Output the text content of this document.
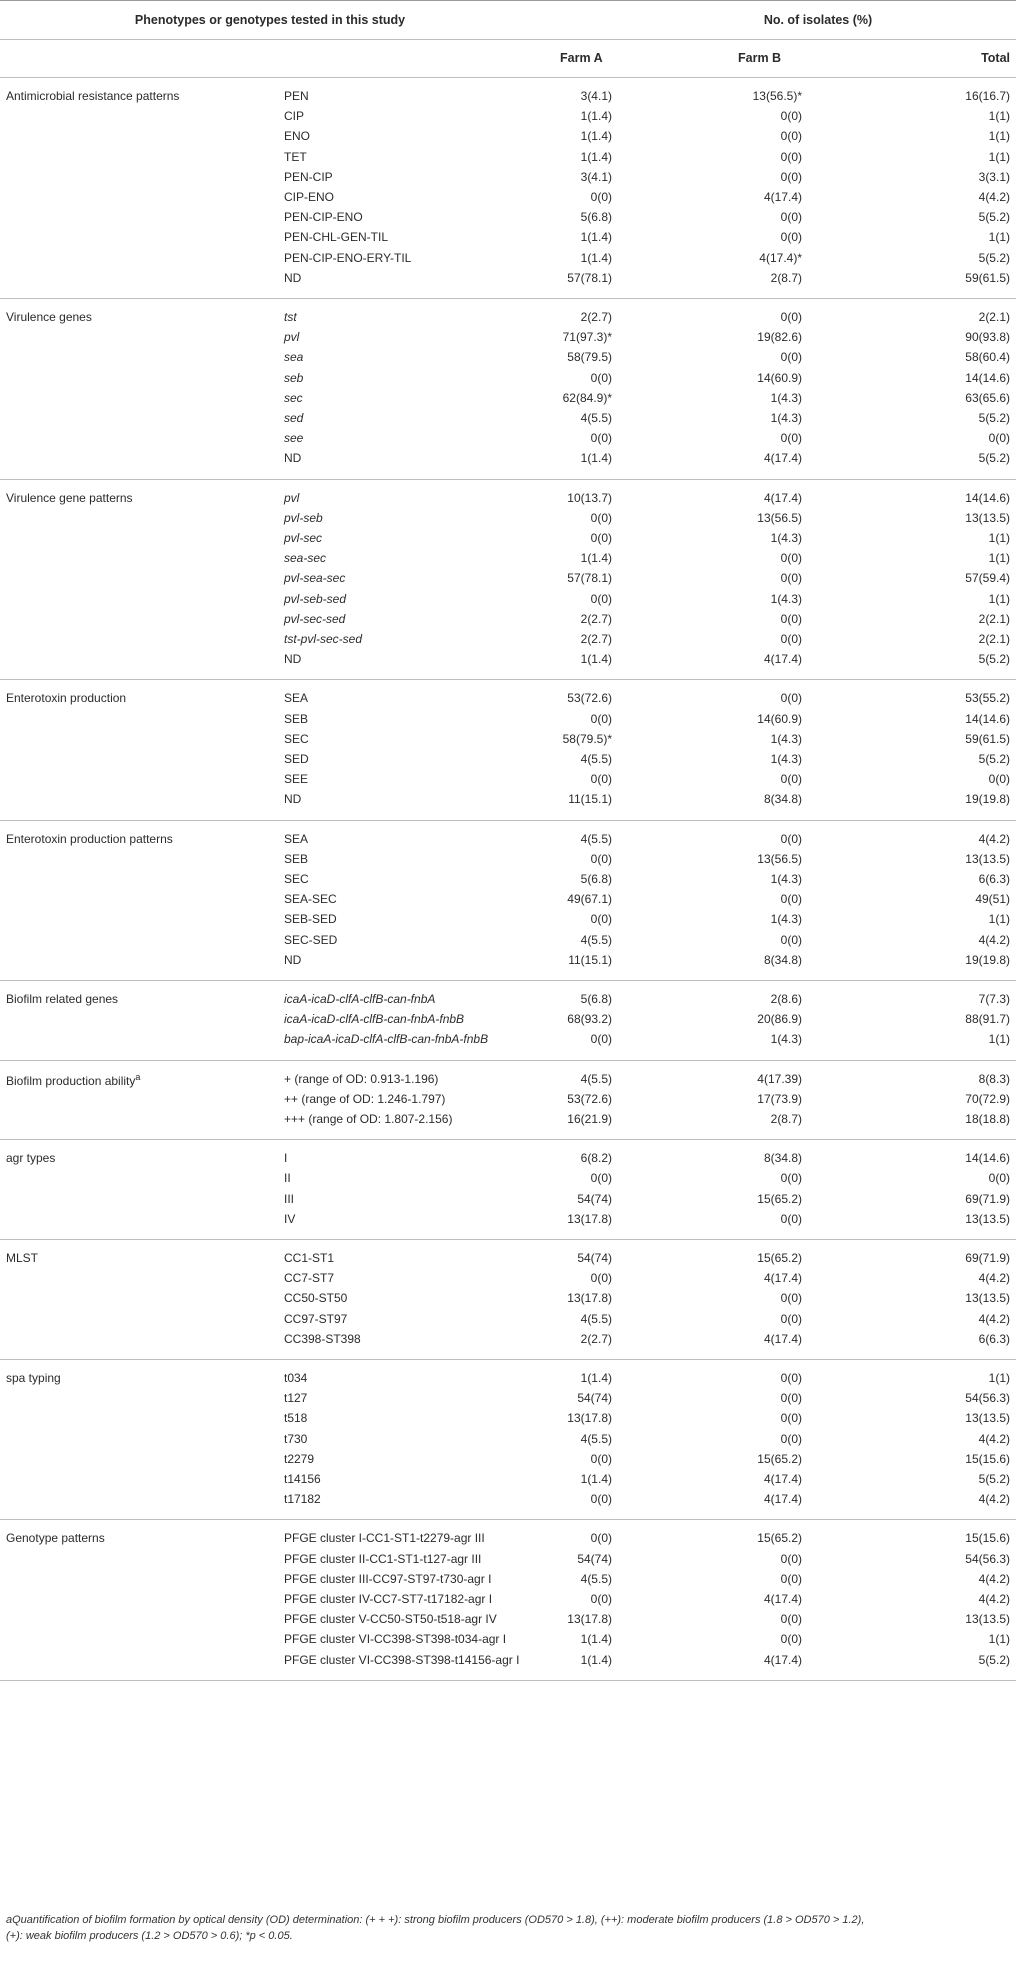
Phenotypes or genotypes tested in this study	No. of isolates (%)
Farm A	Farm B	Total
Antimicrobial resistance patterns	PEN	3(4.1)	13(56.5)*	16(16.7)
CIP	1(1.4)	0(0)	1(1)
ENO	1(1.4)	0(0)	1(1)
TET	1(1.4)	0(0)	1(1)
PEN-CIP	3(4.1)	0(0)	3(3.1)
CIP-ENO	0(0)	4(17.4)	4(4.2)
PEN-CIP-ENO	5(6.8)	0(0)	5(5.2)
PEN-CHL-GEN-TIL	1(1.4)	0(0)	1(1)
PEN-CIP-ENO-ERY-TIL	1(1.4)	4(17.4)*	5(5.2)
ND	57(78.1)	2(8.7)	59(61.5)
Virulence genes	tst	2(2.7)	0(0)	2(2.1)
pvl	71(97.3)*	19(82.6)	90(93.8)
sea	58(79.5)	0(0)	58(60.4)
seb	0(0)	14(60.9)	14(14.6)
sec	62(84.9)*	1(4.3)	63(65.6)
sed	4(5.5)	1(4.3)	5(5.2)
see	0(0)	0(0)	0(0)
ND	1(1.4)	4(17.4)	5(5.2)
Virulence gene patterns	pvl	10(13.7)	4(17.4)	14(14.6)
pvl-seb	0(0)	13(56.5)	13(13.5)
pvl-sec	0(0)	1(4.3)	1(1)
sea-sec	1(1.4)	0(0)	1(1)
pvl-sea-sec	57(78.1)	0(0)	57(59.4)
pvl-seb-sed	0(0)	1(4.3)	1(1)
pvl-sec-sed	2(2.7)	0(0)	2(2.1)
tst-pvl-sec-sed	2(2.7)	0(0)	2(2.1)
ND	1(1.4)	4(17.4)	5(5.2)
Enterotoxin production	SEA	53(72.6)	0(0)	53(55.2)
SEB	0(0)	14(60.9)	14(14.6)
SEC	58(79.5)*	1(4.3)	59(61.5)
SED	4(5.5)	1(4.3)	5(5.2)
SEE	0(0)	0(0)	0(0)
ND	11(15.1)	8(34.8)	19(19.8)
Enterotoxin production patterns	SEA	4(5.5)	0(0)	4(4.2)
SEB	0(0)	13(56.5)	13(13.5)
SEC	5(6.8)	1(4.3)	6(6.3)
SEA-SEC	49(67.1)	0(0)	49(51)
SEB-SED	0(0)	1(4.3)	1(1)
SEC-SED	4(5.5)	0(0)	4(4.2)
ND	11(15.1)	8(34.8)	19(19.8)
Biofilm related genes	icaA-icaD-clfA-clfB-can-fnbA	5(6.8)	2(8.6)	7(7.3)
icaA-icaD-clfA-clfB-can-fnbA-fnbB	68(93.2)	20(86.9)	88(91.7)
bap-icaA-icaD-clfA-clfB-can-fnbA-fnbB	0(0)	1(4.3)	1(1)
Biofilm production ability$^a$	+ (range of OD: 0.913-1.196)	4(5.5)	4(17.39)	8(8.3)
++ (range of OD: 1.246-1.797)	53(72.6)	17(73.9)	70(72.9)
+++ (range of OD: 1.807-2.156)	16(21.9)	2(8.7)	18(18.8)
agr types	I	6(8.2)	8(34.8)	14(14.6)
II	0(0)	0(0)	0(0)
III	54(74)	15(65.2)	69(71.9)
IV	13(17.8)	0(0)	13(13.5)
MLST	CC1-ST1	54(74)	15(65.2)	69(71.9)
CC7-ST7	0(0)	4(17.4)	4(4.2)
CC50-ST50	13(17.8)	0(0)	13(13.5)
CC97-ST97	4(5.5)	0(0)	4(4.2)
CC398-ST398	2(2.7)	4(17.4)	6(6.3)
spa typing	t034	1(1.4)	0(0)	1(1)
t127	54(74)	0(0)	54(56.3)
t518	13(17.8)	0(0)	13(13.5)
t730	4(5.5)	0(0)	4(4.2)
t2279	0(0)	15(65.2)	15(15.6)
t14156	1(1.4)	4(17.4)	5(5.2)
t17182	0(0)	4(17.4)	4(4.2)
Genotype patterns	PFGE cluster I-CC1-ST1-t2279-agr III	0(0)	15(65.2)	15(15.6)
PFGE cluster II-CC1-ST1-t127-agr III	54(74)	0(0)	54(56.3)
PFGE cluster III-CC97-ST97-t730-agr I	4(5.5)	0(0)	4(4.2)
PFGE cluster IV-CC7-ST7-t17182-agr I	0(0)	4(17.4)	4(4.2)
PFGE cluster V-CC50-ST50-t518-agr IV	13(17.8)	0(0)	13(13.5)
PFGE cluster VI-CC398-ST398-t034-agr I	1(1.4)	0(0)	1(1)
PFGE cluster VI-CC398-ST398-t14156-agr I	1(1.4)	4(17.4)	5(5.2)
aQuantification of biofilm formation by optical density (OD) determination: (+ + +): strong biofilm producers (OD570 > 1.8), (++): moderate biofilm producers (1.8 > OD570 > 1.2),
(+): weak biofilm producers (1.2 > OD570 > 0.6); *p < 0.05.
